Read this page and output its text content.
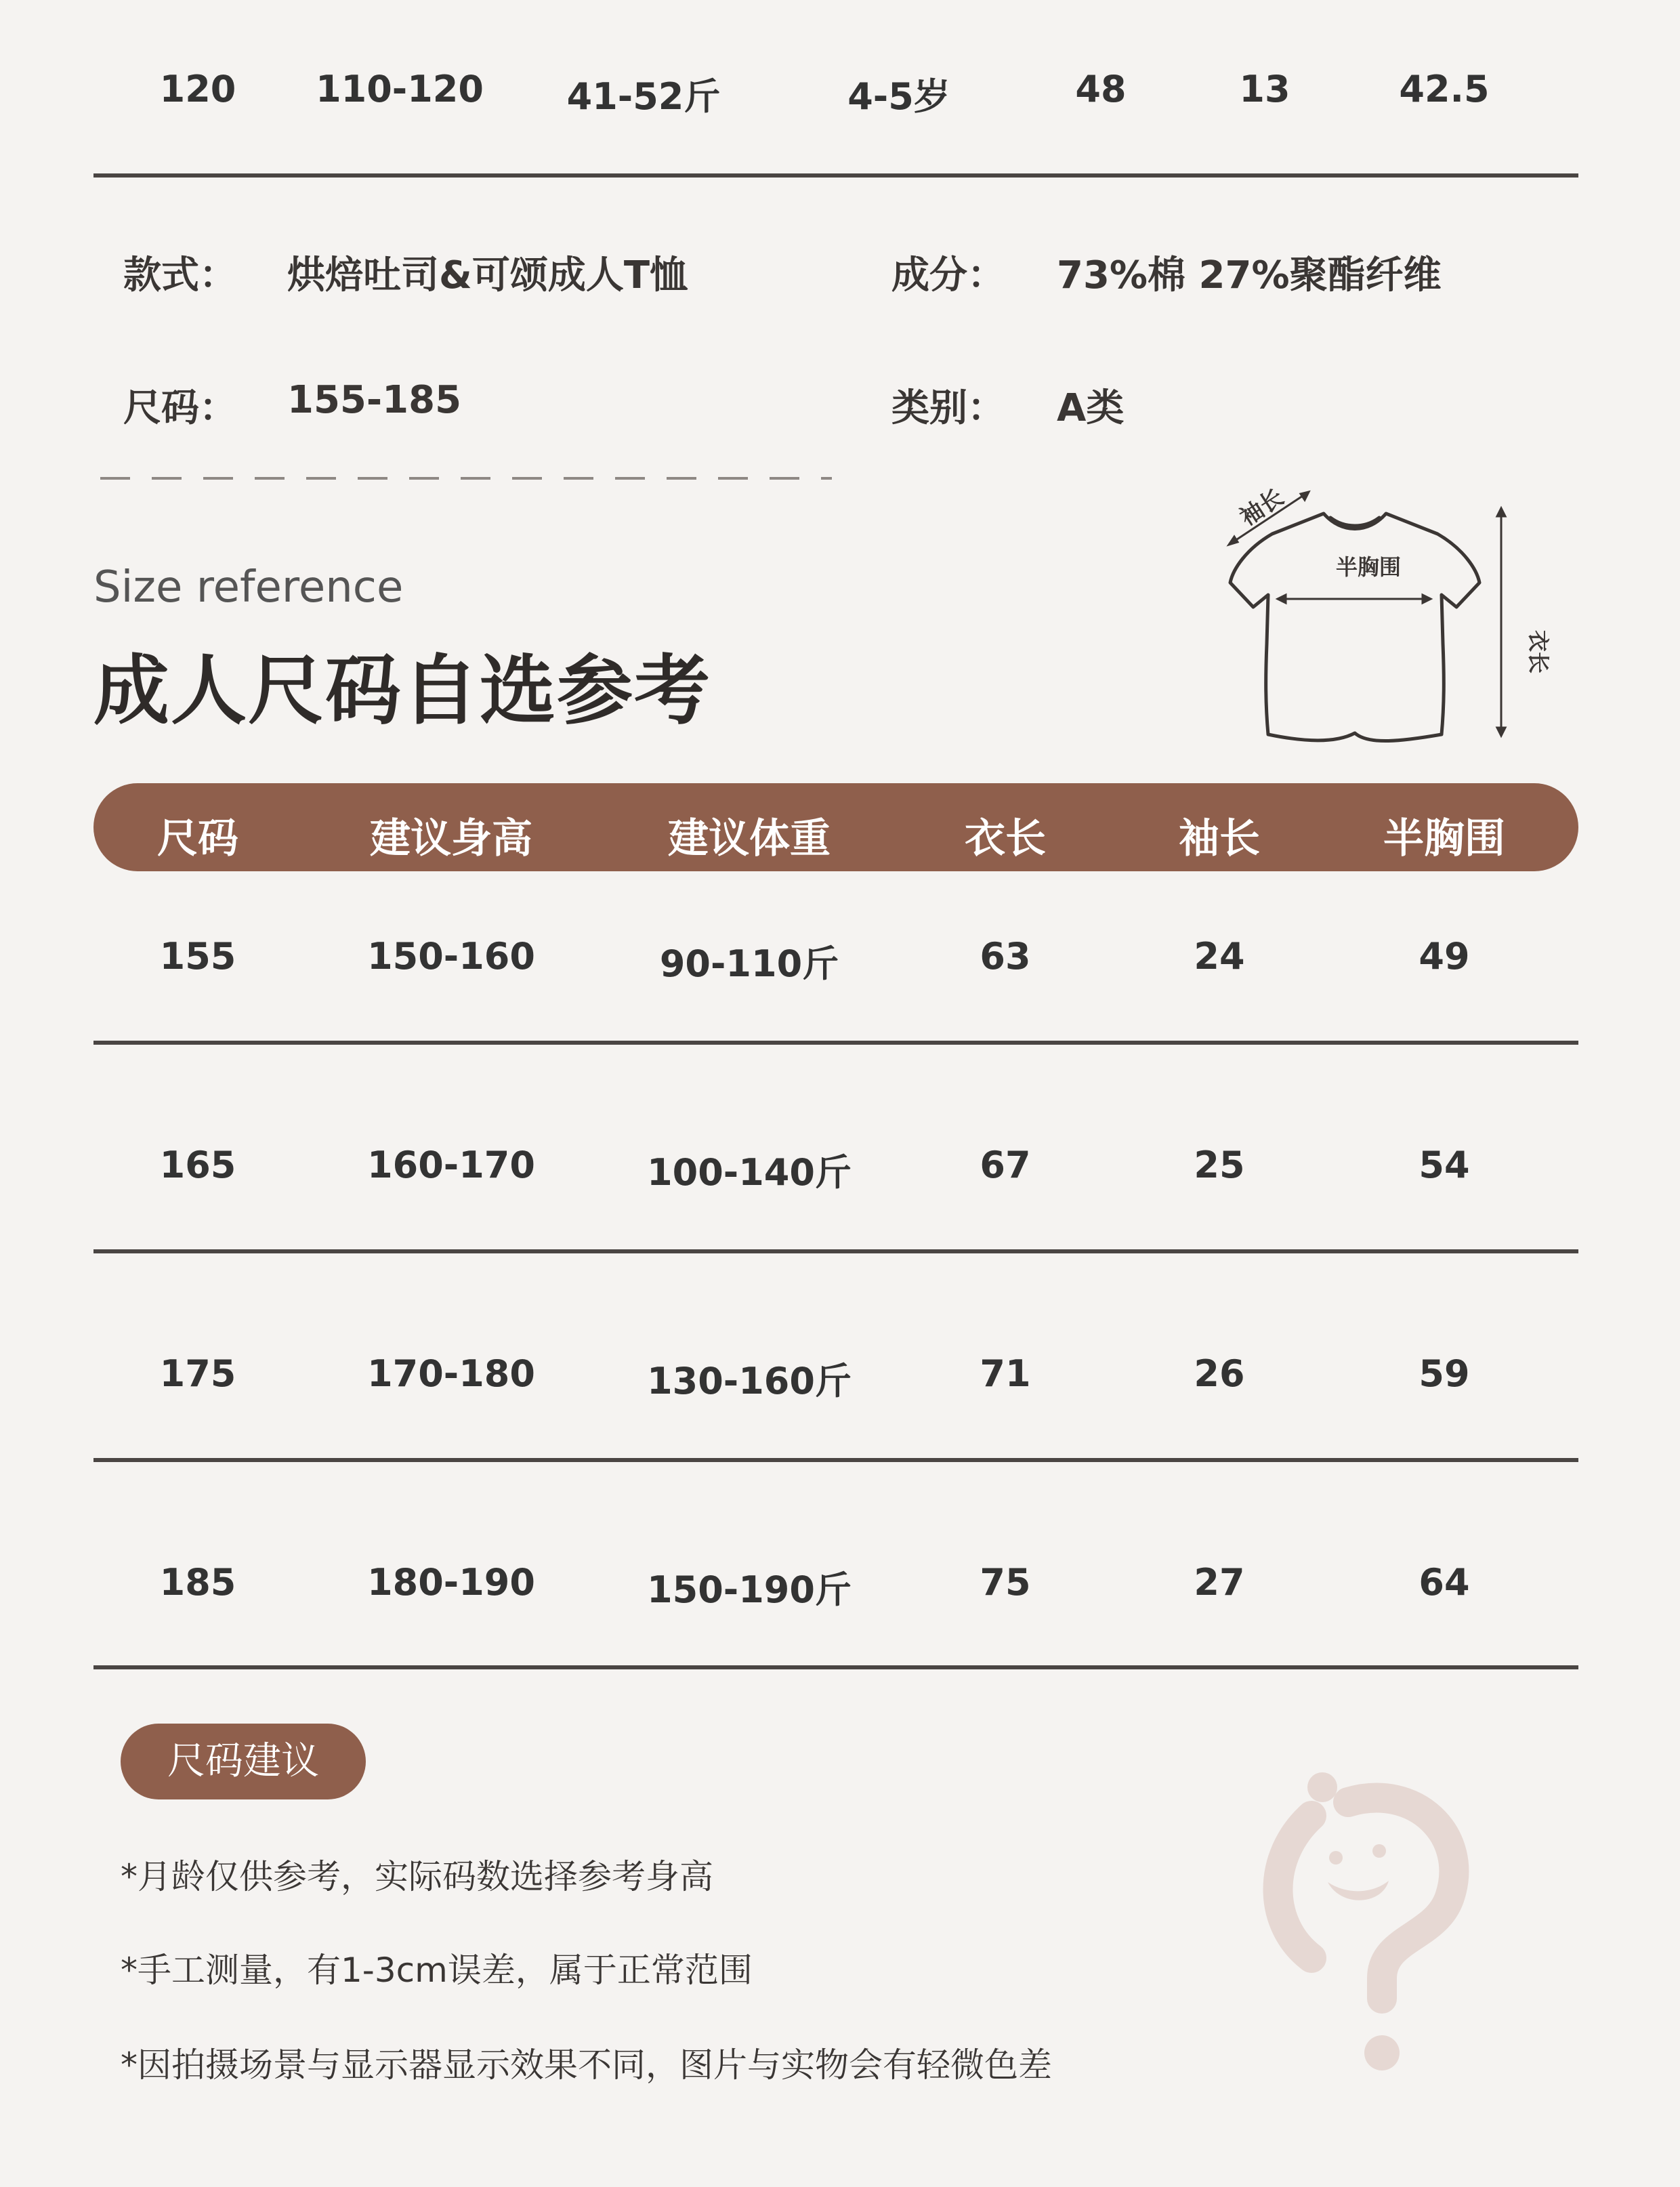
120 110-120 41-52斤	4-5岁	48	13	42.5
款式： 烘焙吐司&可颂成人T恤	成分： 73%棉 27%聚酯纤维
尺码： 155-185	类别： A类
Size reference
成人尺码自选参考
袖长
半胸围
衣长
尺码	建议身高	建议体重	衣长	袖长	半胸围
155	150-160	90-110斤	63	24	49
165	160-170	100-140斤	67	25	54
175	170-180	130-160斤	71	26	59
185	180-190	150-190斤	75	27	64
尺码建议
*月龄仅供参考，实际码数选择参考身高
*手工测量，有1-3cm误差，属于正常范围
*因拍摄场景与显示器显示效果不同，图片与实物会有轻微色差
